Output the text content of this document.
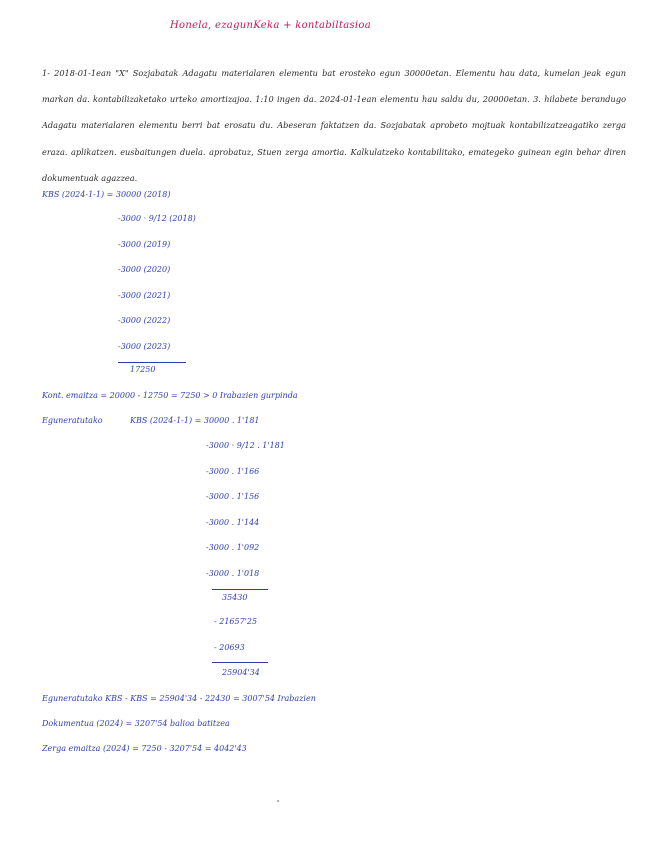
Honela, ezagunKeka + kontabiltasioa
1- 2018-01-1ean "X" Sozjabatak Adagatu materialaren elementu bat erosteko egun 30000etan. Elementu hau data, kumelan jeak egun markan da. kontabilizaketako urteko amortizajoa. 1:10 ingen da. 2024-01-1ean elementu hau saldu du, 20000etan. 3. hilabete berandugo Adagatu materialaren elementu berri bat erosatu du. Abeseran faktatzen da. Sozjabatak aprobeto mojtuak kontabilizatzeagatiko zerga eraza. aplikatzen. eusbaitungen duela. aprobatuz, Stuen zerga amortia. Kalkulatzeko kontabilitako, emategeko guinean egin behar diren dokumentuak agazzea.
KBS (2024-1-1) = 30000 (2018)
-3000 · 9/12 (2018)
-3000 (2019)
-3000 (2020)
-3000 (2021)
-3000 (2022)
-3000 (2023)
17250
Kont. emaitza = 20000 - 12750 = 7250 > 0 Irabazien gurpinda
Eguneratutako	KBS (2024-1-1) = 30000 . 1'181
-3000 · 9/12 . 1'181
-3000 . 1'166
-3000 . 1'156
-3000 . 1'144
-3000 . 1'092
-3000 . 1'018
35430
- 21657'25
- 20693
25904'34
Eguneratutako KBS - KBS = 25904'34 - 22430 = 3007'54 Irabazien
Dokumentua (2024) = 3207'54 balioa batitzea
Zerga emaitza (2024) = 7250 - 3207'54 = 4042'43
